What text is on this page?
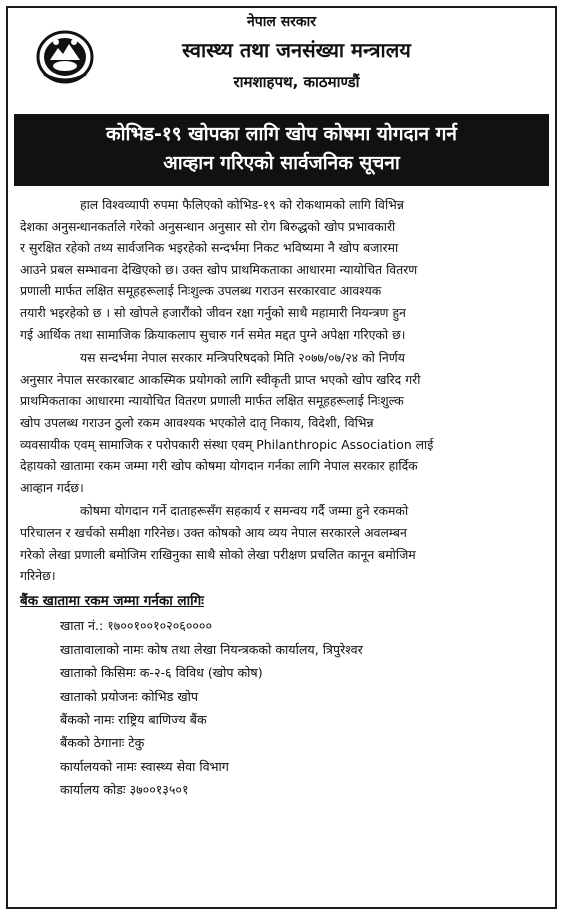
नेपाल सरकार
स्वास्थ्य तथा जनसंख्या मन्त्रालय
रामशाहपथ, काठमाण्डौं
कोभिड-१९ खोपका लागि खोप कोषमा योगदान गर्न
आव्हान गरिएको सार्वजनिक सूचना
हाल विश्वव्यापी रुपमा फैलिएको कोभिड-१९ को रोकथामको लागि विभिन्न
देशका अनुसन्धानकर्ताले गरेको अनुसन्धान अनुसार सो रोग बिरुद्धको खोप प्रभावकारी
र सुरक्षित रहेको तथ्य सार्वजनिक भइरहेको सन्दर्भमा निकट भविष्यमा नै खोप बजारमा
आउने प्रबल सम्भावना देखिएको छ। उक्त खोप प्राथमिकताका आधारमा न्यायोचित वितरण
प्रणाली मार्फत लक्षित समूहहरूलाई निःशुल्क उपलब्ध गराउन सरकारवाट आवश्यक
तयारी भइरहेको छ । सो खोपले हजारौंको जीवन रक्षा गर्नुको साथै महामारी नियन्त्रण हुन
गई आर्थिक तथा सामाजिक क्रियाकलाप सुचारु गर्न समेत मद्दत पुग्ने अपेक्षा गरिएको छ।
यस सन्दर्भमा नेपाल सरकार मन्त्रिपरिषदको मिति २०७७/०७/२४ को निर्णय
अनुसार नेपाल सरकारबाट आकस्मिक प्रयोगको लागि स्वीकृती प्राप्त भएको खोप खरिद गरी
प्राथमिकताका आधारमा न्यायोचित वितरण प्रणाली मार्फत लक्षित समूहहरूलाई निःशुल्क
खोप उपलब्ध गराउन ठुलो रकम आवश्यक भएकोले दातृ निकाय, विदेशी, विभिन्न
व्यवसायीक एवम् सामाजिक र परोपकारी संस्था एवम् Philanthropic Association लाई
देहायको खातामा रकम जम्मा गरी खोप कोषमा योगदान गर्नका लागि नेपाल सरकार हार्दिक
आव्हान गर्दछ।
कोषमा योगदान गर्ने दाताहरूसँग सहकार्य र समन्वय गर्दै जम्मा हुने रकमको
परिचालन र खर्चको समीक्षा गरिनेछ। उक्त कोषको आय व्यय नेपाल सरकारले अवलम्बन
गरेको लेखा प्रणाली बमोजिम राखिनुका साथै सोको लेखा परीक्षण प्रचलित कानून बमोजिम
गरिनेछ।
बैंक खातामा रकम जम्मा गर्नका लागिः
खाता नं.: १७००१००१०२०६००००
खातावालाको नामः कोष तथा लेखा नियन्त्रकको कार्यालय, त्रिपुरेश्वर
खाताको किसिमः क-२-६ विविध (खोप कोष)
खाताको प्रयोजनः कोभिड खोप
बैंकको नामः राष्ट्रिय बाणिज्य बैंक
बैंकको ठेगानाः टेकु
कार्यालयको नामः स्वास्थ्य सेवा विभाग
कार्यालय कोडः ३७००१३५०१
